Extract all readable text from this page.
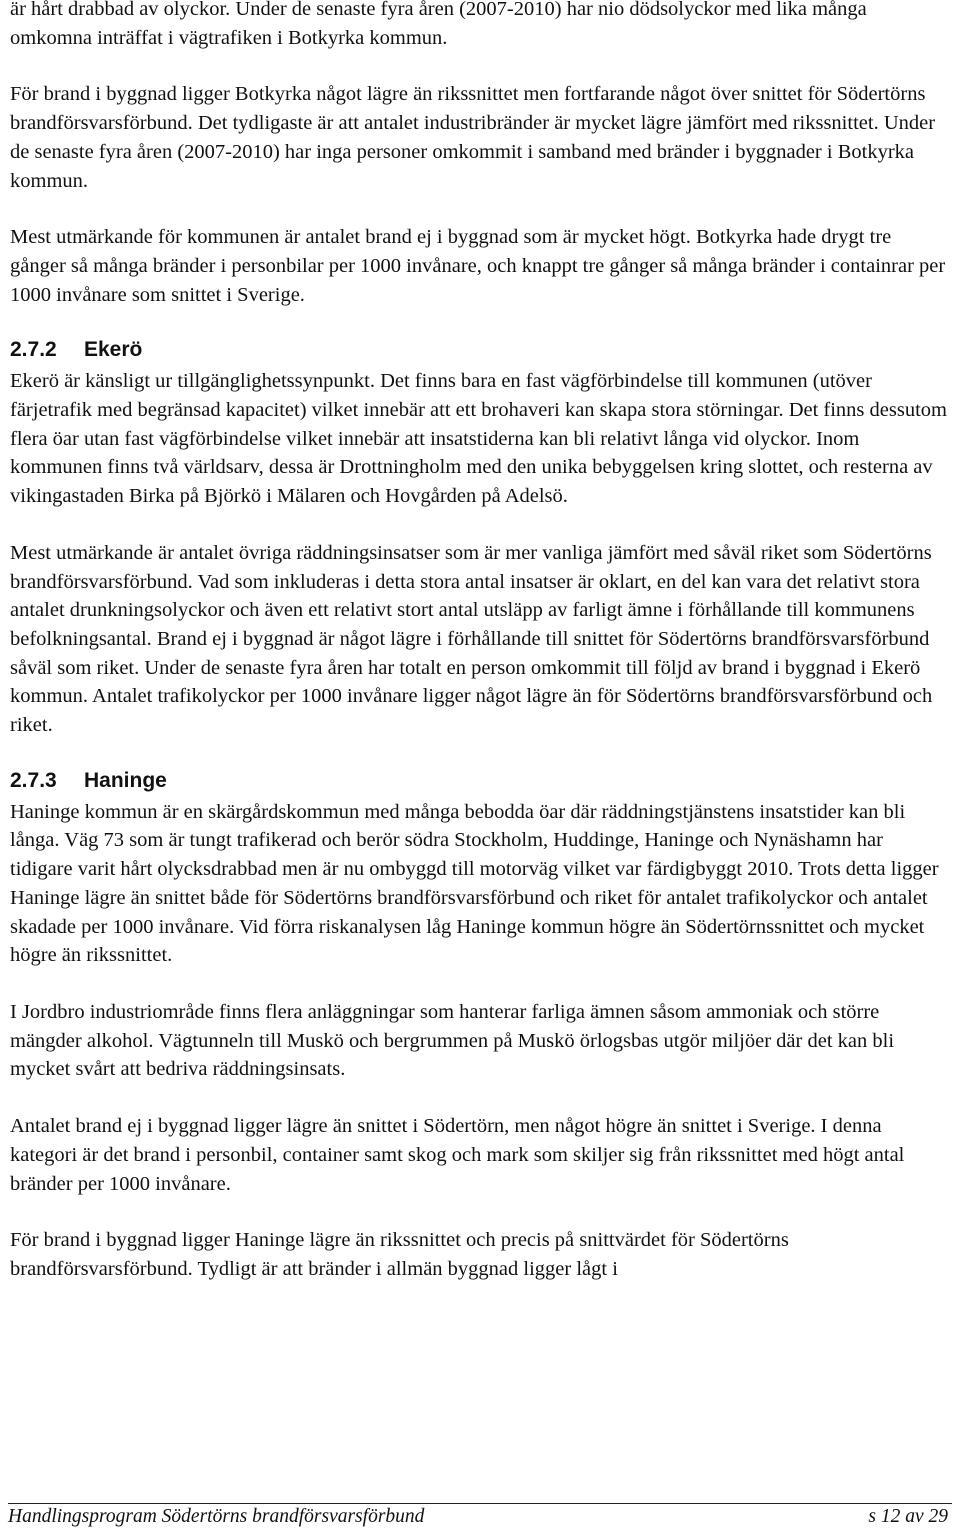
är hårt drabbad av olyckor. Under de senaste fyra åren (2007-2010) har nio dödsolyckor med lika många omkomna inträffat i vägtrafiken i Botkyrka kommun.

För brand i byggnad ligger Botkyrka något lägre än rikssnittet men fortfarande något över snittet för Södertörns brandförsvarsförbund. Det tydligaste är att antalet industribränder är mycket lägre jämfört med rikssnittet. Under de senaste fyra åren (2007-2010) har inga personer omkommit i samband med bränder i byggnader i Botkyrka kommun.

Mest utmärkande för kommunen är antalet brand ej i byggnad som är mycket högt. Botkyrka hade drygt tre gånger så många bränder i personbilar per 1000 invånare, och knappt tre gånger så många bränder i containrar per 1000 invånare som snittet i Sverige.

2.7.2 Ekerö

Ekerö är känsligt ur tillgänglighetssynpunkt. Det finns bara en fast vägförbindelse till kommunen (utöver färjetrafik med begränsad kapacitet) vilket innebär att ett brohaveri kan skapa stora störningar. Det finns dessutom flera öar utan fast vägförbindelse vilket innebär att insatstiderna kan bli relativt långa vid olyckor. Inom kommunen finns två världsarv, dessa är Drottningholm med den unika bebyggelsen kring slottet, och resterna av vikingastaden Birka på Björkö i Mälaren och Hovgården på Adelsö.

Mest utmärkande är antalet övriga räddningsinsatser som är mer vanliga jämfört med såväl riket som Södertörns brandförsvarsförbund. Vad som inkluderas i detta stora antal insatser är oklart, en del kan vara det relativt stora antalet drunkningsolyckor och även ett relativt stort antal utsläpp av farligt ämne i förhållande till kommunens befolkningsantal. Brand ej i byggnad är något lägre i förhållande till snittet för Södertörns brandförsvarsförbund såväl som riket. Under de senaste fyra åren har totalt en person omkommit till följd av brand i byggnad i Ekerö kommun. Antalet trafikolyckor per 1000 invånare ligger något lägre än för Södertörns brandförsvarsförbund och riket.

2.7.3 Haninge

Haninge kommun är en skärgårdskommun med många bebodda öar där räddningstjänstens insatstider kan bli långa. Väg 73 som är tungt trafikerad och berör södra Stockholm, Huddinge, Haninge och Nynäshamn har tidigare varit hårt olycksdrabbad men är nu ombyggd till motorväg vilket var färdigbyggt 2010. Trots detta ligger Haninge lägre än snittet både för Södertörns brandförsvarsförbund och riket för antalet trafikolyckor och antalet skadade per 1000 invånare. Vid förra riskanalysen låg Haninge kommun högre än Södertörnssnittet och mycket högre än rikssnittet.

I Jordbro industriområde finns flera anläggningar som hanterar farliga ämnen såsom ammoniak och större mängder alkohol. Vägtunneln till Muskö och bergrummen på Muskö örlogsbas utgör miljöer där det kan bli mycket svårt att bedriva räddningsinsats.

Antalet brand ej i byggnad ligger lägre än snittet i Södertörn, men något högre än snittet i Sverige. I denna kategori är det brand i personbil, container samt skog och mark som skiljer sig från rikssnittet med högt antal bränder per 1000 invånare.

För brand i byggnad ligger Haninge lägre än rikssnittet och precis på snittvärdet för Södertörns brandförsvarsförbund. Tydligt är att bränder i allmän byggnad ligger lågt i

Handlingsprogram Södertörns brandförsvarsförbund	s 12 av 29
